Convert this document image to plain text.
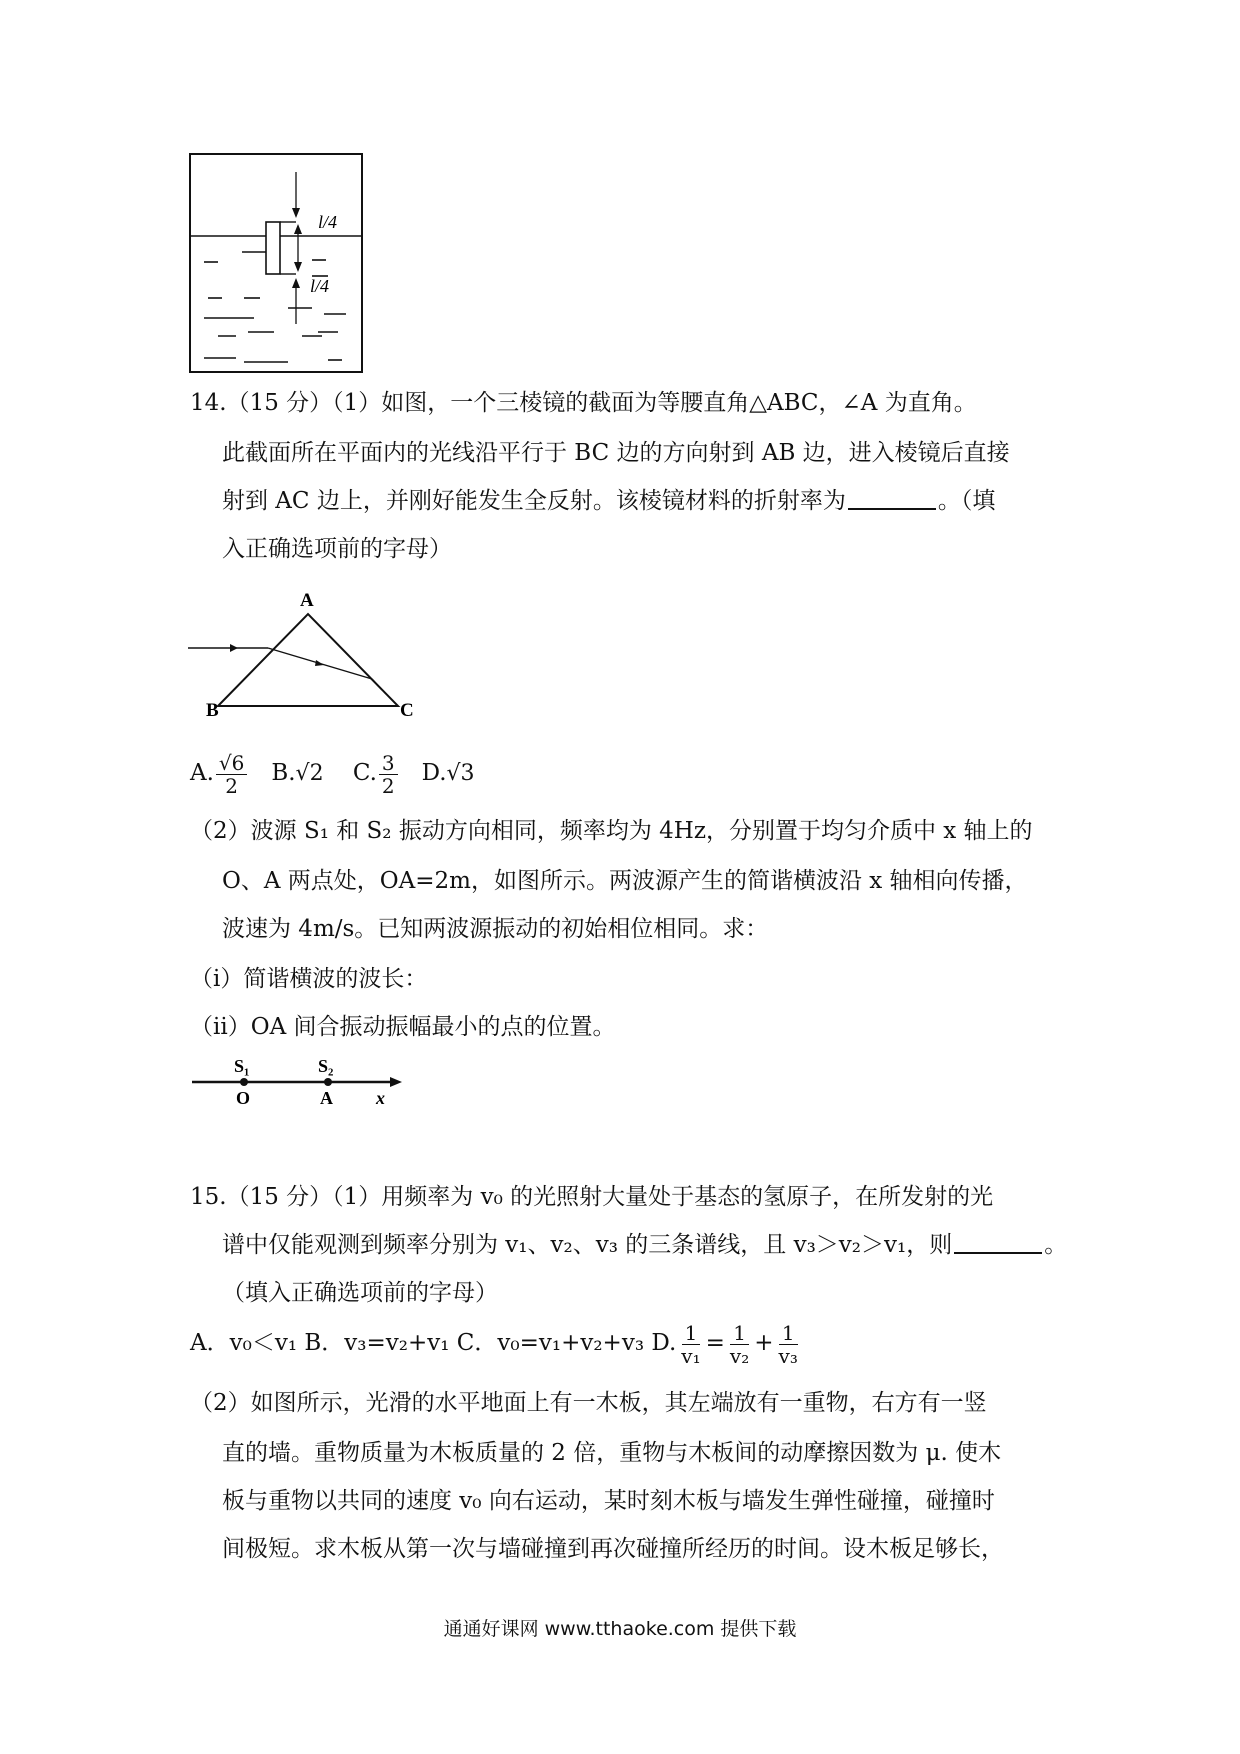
l/4
l/4
14.（15 分）（1）如图，一个三棱镜的截面为等腰直角△ABC，∠A 为直角。
此截面所在平面内的光线沿平行于 BC 边的方向射到 AB 边，进入棱镜后直接
射到 AC 边上，并刚好能发生全反射。该棱镜材料的折射率为	。（填
入正确选项前的字母）
A
B	C
A. $\frac{√6}{2} B.√2$ C. $\frac{3}{2} D.√3$
（2）波源 S₁ 和 S₂ 振动方向相同，频率均为 4Hz，分别置于均匀介质中 x 轴上的
O、A 两点处，OA=2m，如图所示。两波源产生的简谐横波沿 x 轴相向传播，
波速为 4m/s。已知两波源振动的初始相位相同。求：
（i）简谐横波的波长：
（ii）OA 间合振动振幅最小的点的位置。
S₁	S₂
O	A x
15.（15 分）（1）用频率为 v₀ 的光照射大量处于基态的氢原子，在所发射的光
谱中仅能观测到频率分别为 v₁、v₂、v₃ 的三条谱线，且 v₃＞v₂＞v₁，则	。
（填入正确选项前的字母）
A．v₀＜v₁ B．v₃=v₂+v₁ C．v₀=v₁+v₂+v₃ D. $\frac{1}{\text{v₁}} = \frac{1}{\text{v₂}} + \frac{1}{\text{v₃}}$
（2）如图所示，光滑的水平地面上有一木板，其左端放有一重物，右方有一竖
直的墙。重物质量为木板质量的 2 倍，重物与木板间的动摩擦因数为 μ. 使木
板与重物以共同的速度 v₀ 向右运动，某时刻木板与墙发生弹性碰撞，碰撞时
间极短。求木板从第一次与墙碰撞到再次碰撞所经历的时间。设木板足够长，
通通好课网 www.tthaoke.com 提供下载
